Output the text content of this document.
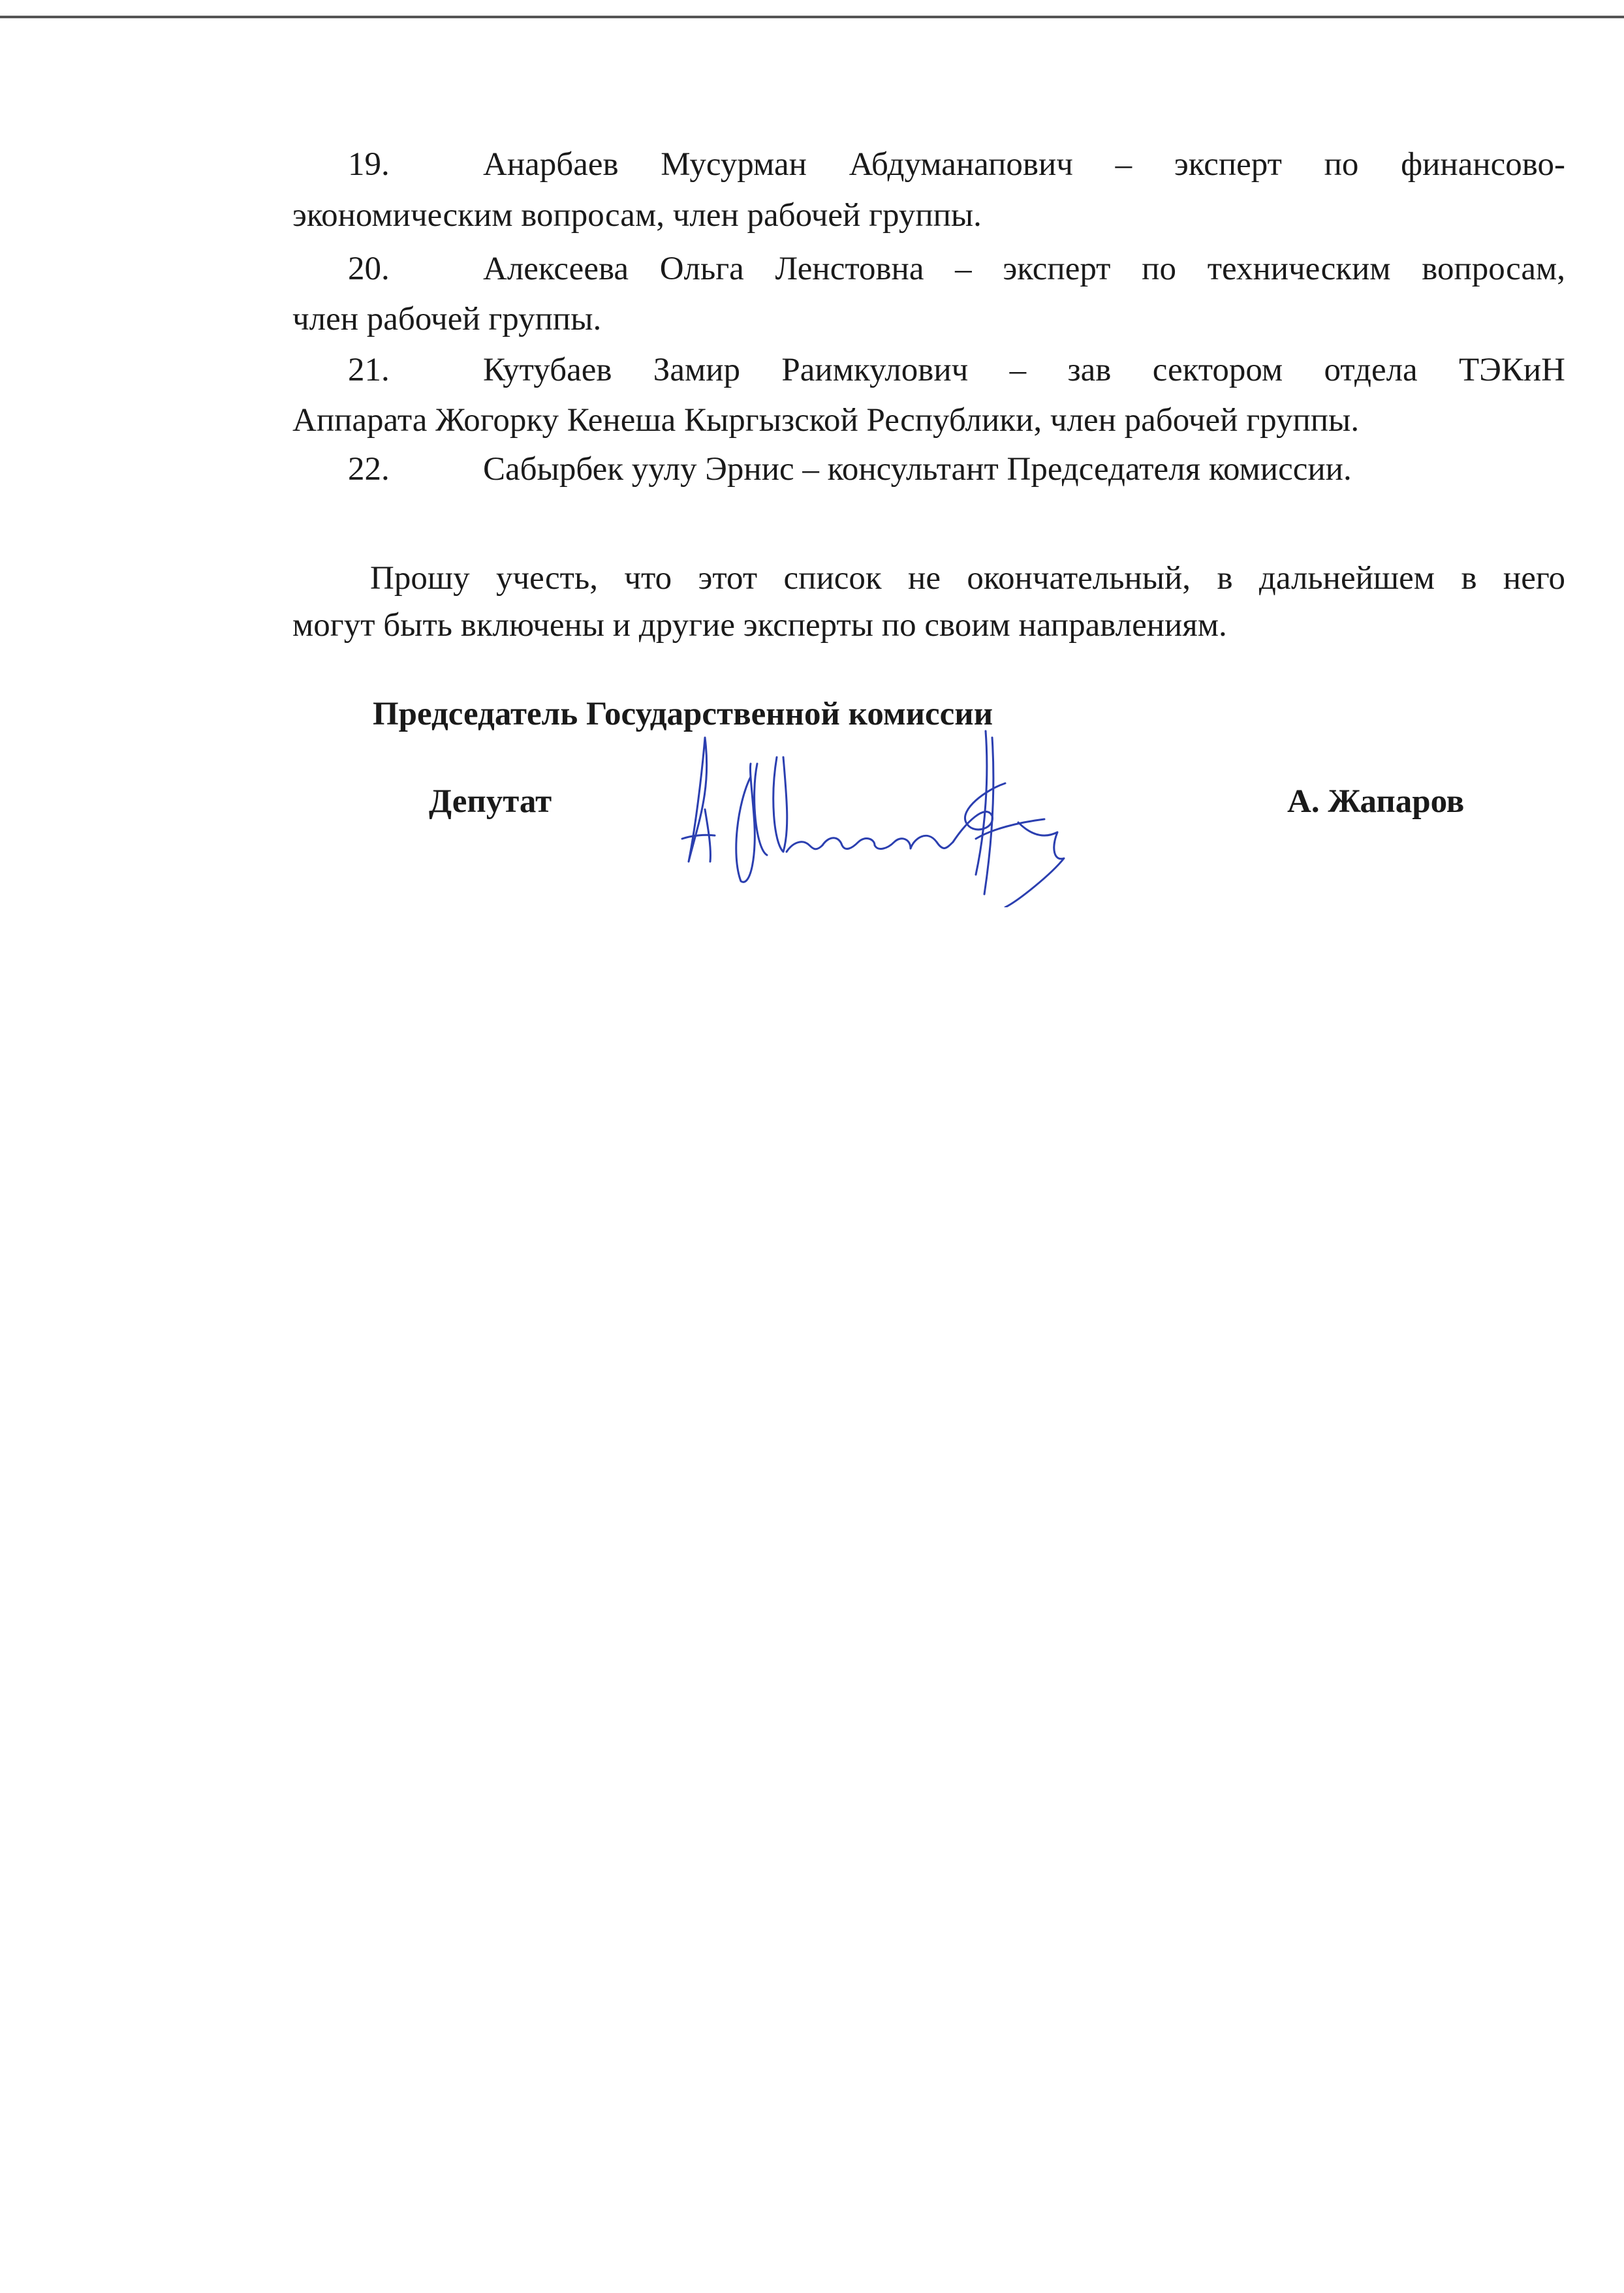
19.	Анарбаев Мусурман Абдуманапович – эксперт по финансово-
экономическим вопросам, член рабочей группы.
20.	Алексеева Ольга Ленстовна – эксперт по техническим вопросам,
член рабочей группы.
21.	Кутубаев Замир Раимкулович – зав сектором отдела ТЭКиН
Аппарата Жогорку Кенеша Кыргызской Республики, член рабочей группы.
22.	Сабырбек уулу Эрнис – консультант Председателя комиссии.
Прошу учесть, что этот список не окончательный, в дальнейшем в него
могут быть включены и другие эксперты по своим направлениям.
Председатель Государственной комиссии
Депутат	А. Жапаров
